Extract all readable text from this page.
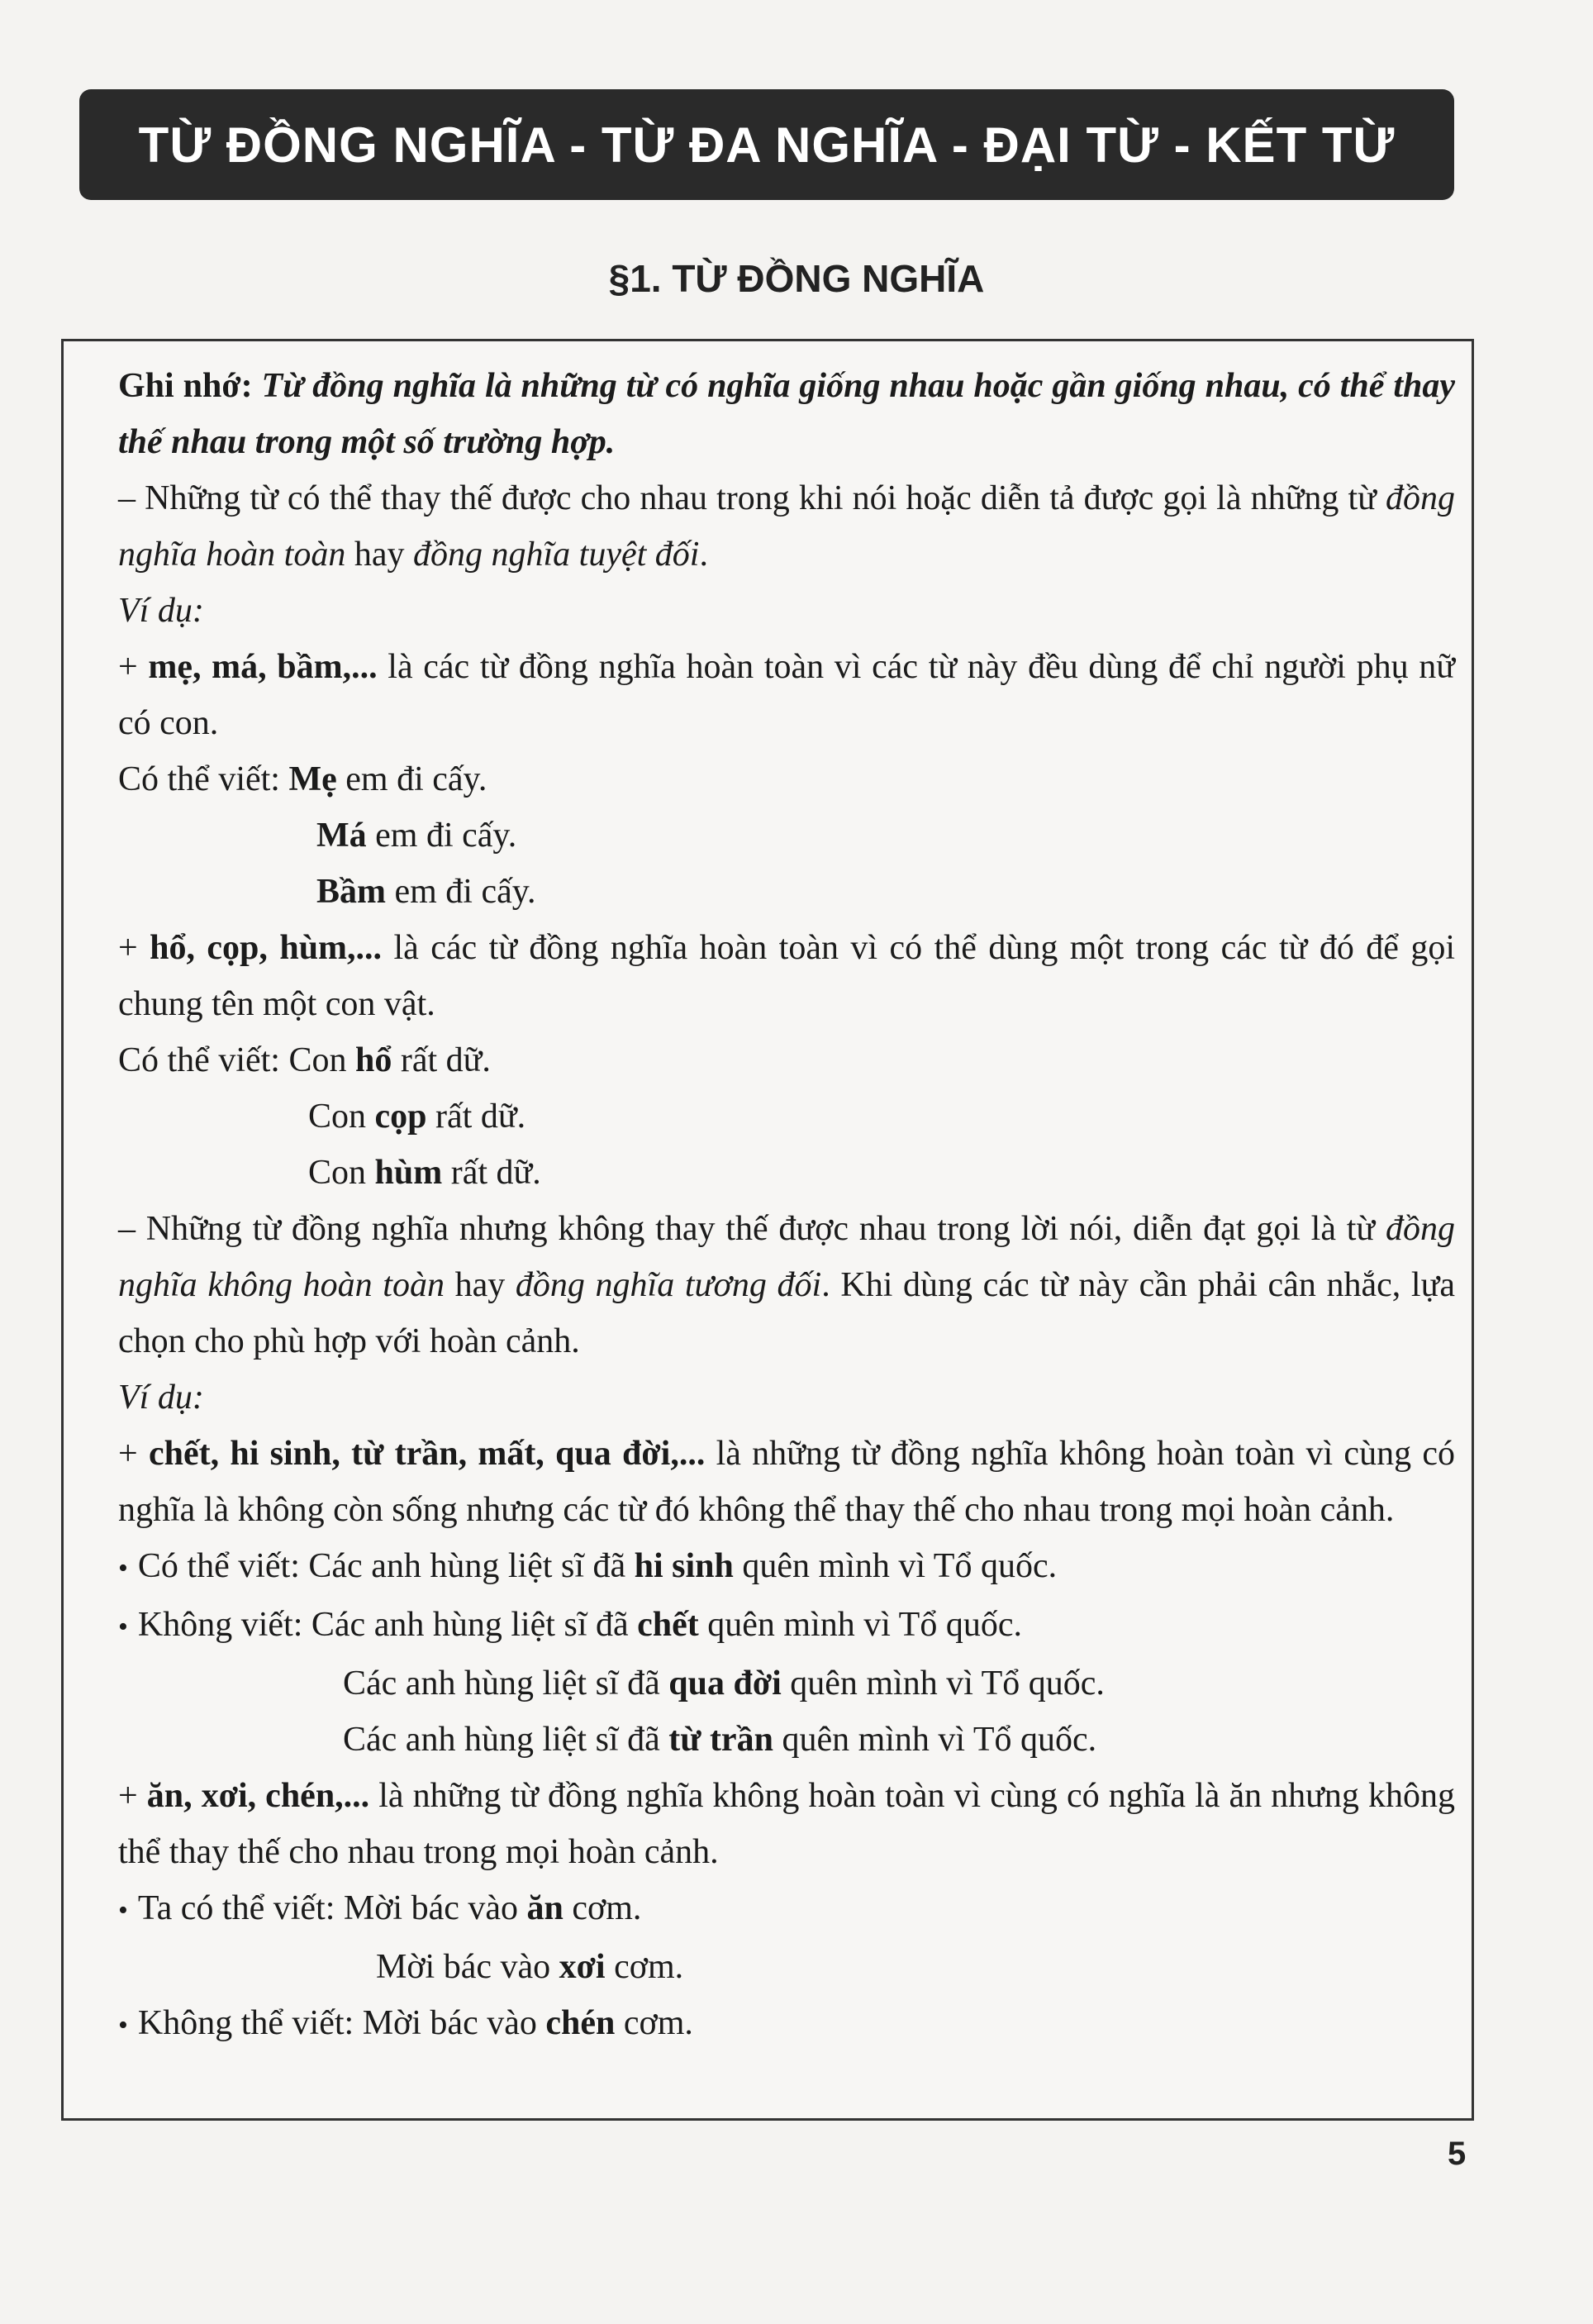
TỪ ĐỒNG NGHĨA - TỪ ĐA NGHĨA - ĐẠI TỪ - KẾT TỪ
§1. TỪ ĐỒNG NGHĨA

Ghi nhớ: Từ đồng nghĩa là những từ có nghĩa giống nhau hoặc gần giống nhau, có thể thay thế nhau trong một số trường hợp.

– Những từ có thể thay thế được cho nhau trong khi nói hoặc diễn tả được gọi là những từ đồng nghĩa hoàn toàn hay đồng nghĩa tuyệt đối.

Ví dụ:

+ mẹ, má, bầm,... là các từ đồng nghĩa hoàn toàn vì các từ này đều dùng để chỉ người phụ nữ có con.

Có thể viết: Mẹ em đi cấy.

Má em đi cấy.

Bầm em đi cấy.

+ hổ, cọp, hùm,... là các từ đồng nghĩa hoàn toàn vì có thể dùng một trong các từ đó để gọi chung tên một con vật.

Có thể viết: Con hổ rất dữ.

Con cọp rất dữ.

Con hùm rất dữ.

– Những từ đồng nghĩa nhưng không thay thế được nhau trong lời nói, diễn đạt gọi là từ đồng nghĩa không hoàn toàn hay đồng nghĩa tương đối. Khi dùng các từ này cần phải cân nhắc, lựa chọn cho phù hợp với hoàn cảnh.

Ví dụ:

+ chết, hi sinh, từ trần, mất, qua đời,... là những từ đồng nghĩa không hoàn toàn vì cùng có nghĩa là không còn sống nhưng các từ đó không thể thay thế cho nhau trong mọi hoàn cảnh.

• Có thể viết: Các anh hùng liệt sĩ đã hi sinh quên mình vì Tổ quốc.

• Không viết: Các anh hùng liệt sĩ đã chết quên mình vì Tổ quốc.

Các anh hùng liệt sĩ đã qua đời quên mình vì Tổ quốc.

Các anh hùng liệt sĩ đã từ trần quên mình vì Tổ quốc.

+ ăn, xơi, chén,... là những từ đồng nghĩa không hoàn toàn vì cùng có nghĩa là ăn nhưng không thể thay thế cho nhau trong mọi hoàn cảnh.

• Ta có thể viết: Mời bác vào ăn cơm.

Mời bác vào xơi cơm.

• Không thể viết: Mời bác vào chén cơm.

5
